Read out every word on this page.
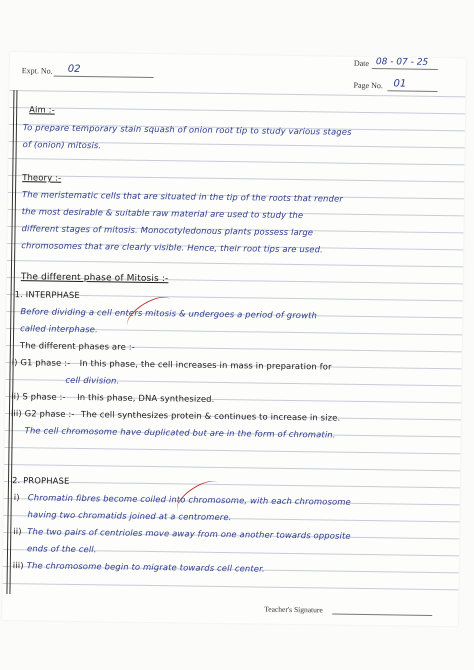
Date 08 - 07 - 25
Expt. No. 02
Page No. 01
Aim :-
To prepare temporary stain squash of onion root tip to study various stages
of (onion) mitosis.
Theory :-
The meristematic cells that are situated in the tip of the roots that render
the most desirable & suitable raw material are used to study the
different stages of mitosis. Monocotyledonous plants possess large
chromosomes that are clearly visible. Hence, their root tips are used.
The different phase of Mitosis :-
1. INTERPHASE
Before dividing a cell enters mitosis & undergoes a period of growth
called interphase.
The different phases are :-
i) G1 phase :- In this phase, the cell increases in mass in preparation for
cell division.
ii) S phase :- In this phase, DNA synthesized.
iii) G2 phase :- The cell synthesizes protein & continues to increase in size.
The cell chromosome have duplicated but are in the form of chromatin.
2. PROPHASE
i) Chromatin fibres become coiled into chromosome, with each chromosome
having two chromatids joined at a centromere.
ii) The two pairs of centrioles move away from one another towards opposite
ends of the cell.
iii) The chromosome begin to migrate towards cell center.
Teacher's Signature
